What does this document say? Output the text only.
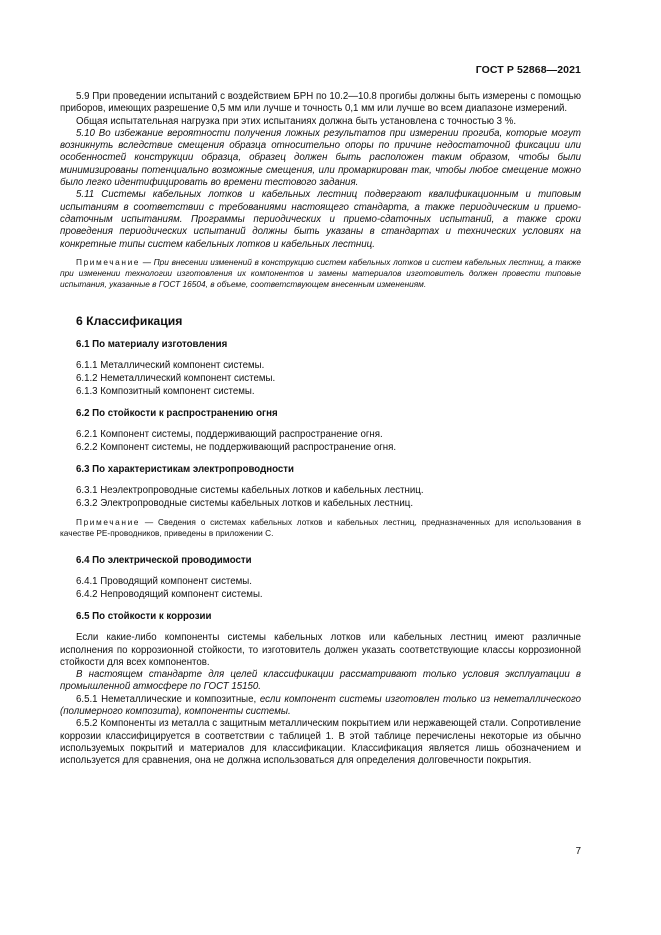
ГОСТ Р 52868—2021

5.9 При проведении испытаний с воздействием БРН по 10.2—10.8 прогибы должны быть измерены с помощью приборов, имеющих разрешение 0,5 мм или лучше и точность 0,1 мм или лучше во всем диапазоне измерений.

Общая испытательная нагрузка при этих испытаниях должна быть установлена с точностью 3 %.

5.10 Во избежание вероятности получения ложных результатов при измерении прогиба, которые могут возникнуть вследствие смещения образца относительно опоры по причине недостаточной фиксации или особенностей конструкции образца, образец должен быть расположен таким образом, чтобы были минимизированы потенциально возможные смещения, или промаркирован так, чтобы любое смещение можно было легко идентифицировать во времени тестового задания.

5.11 Системы кабельных лотков и кабельных лестниц подвергают квалификационным и типовым испытаниям в соответствии с требованиями настоящего стандарта, а также периодическим и приемо-сдаточным испытаниям. Программы периодических и приемо-сдаточных испытаний, а также сроки проведения периодических испытаний должны быть указаны в стандартах и технических условиях на конкретные типы систем кабельных лотков и кабельных лестниц.

Примечание — При внесении изменений в конструкцию систем кабельных лотков и систем кабельных лестниц, а также при изменении технологии изготовления их компонентов и замены материалов изготовитель должен провести типовые испытания, указанные в ГОСТ 16504, в объеме, соответствующем внесенным изменениям.

6 Классификация
6.1 По материалу изготовления

6.1.1 Металлический компонент системы.

6.1.2 Неметаллический компонент системы.

6.1.3 Композитный компонент системы.

6.2 По стойкости к распространению огня

6.2.1 Компонент системы, поддерживающий распространение огня.

6.2.2 Компонент системы, не поддерживающий распространение огня.

6.3 По характеристикам электропроводности

6.3.1 Неэлектропроводные системы кабельных лотков и кабельных лестниц.

6.3.2 Электропроводные системы кабельных лотков и кабельных лестниц.

Примечание — Сведения о системах кабельных лотков и кабельных лестниц, предназначенных для использования в качестве PE-проводников, приведены в приложении С.

6.4 По электрической проводимости

6.4.1 Проводящий компонент системы.

6.4.2 Непроводящий компонент системы.

6.5 По стойкости к коррозии

Если какие-либо компоненты системы кабельных лотков или кабельных лестниц имеют различные исполнения по коррозионной стойкости, то изготовитель должен указать соответствующие классы коррозионной стойкости для всех компонентов.

В настоящем стандарте для целей классификации рассматривают только условия эксплуатации в промышленной атмосфере по ГОСТ 15150.

6.5.1 Неметаллические и композитные, если компонент системы изготовлен только из неметаллического (полимерного композита), компоненты системы.

6.5.2 Компоненты из металла с защитным металлическим покрытием или нержавеющей стали. Сопротивление коррозии классифицируется в соответствии с таблицей 1. В этой таблице перечислены некоторые из обычно используемых покрытий и материалов для классификации. Классификация является лишь обозначением и используется для сравнения, она не должна использоваться для определения долговечности покрытия.

7
